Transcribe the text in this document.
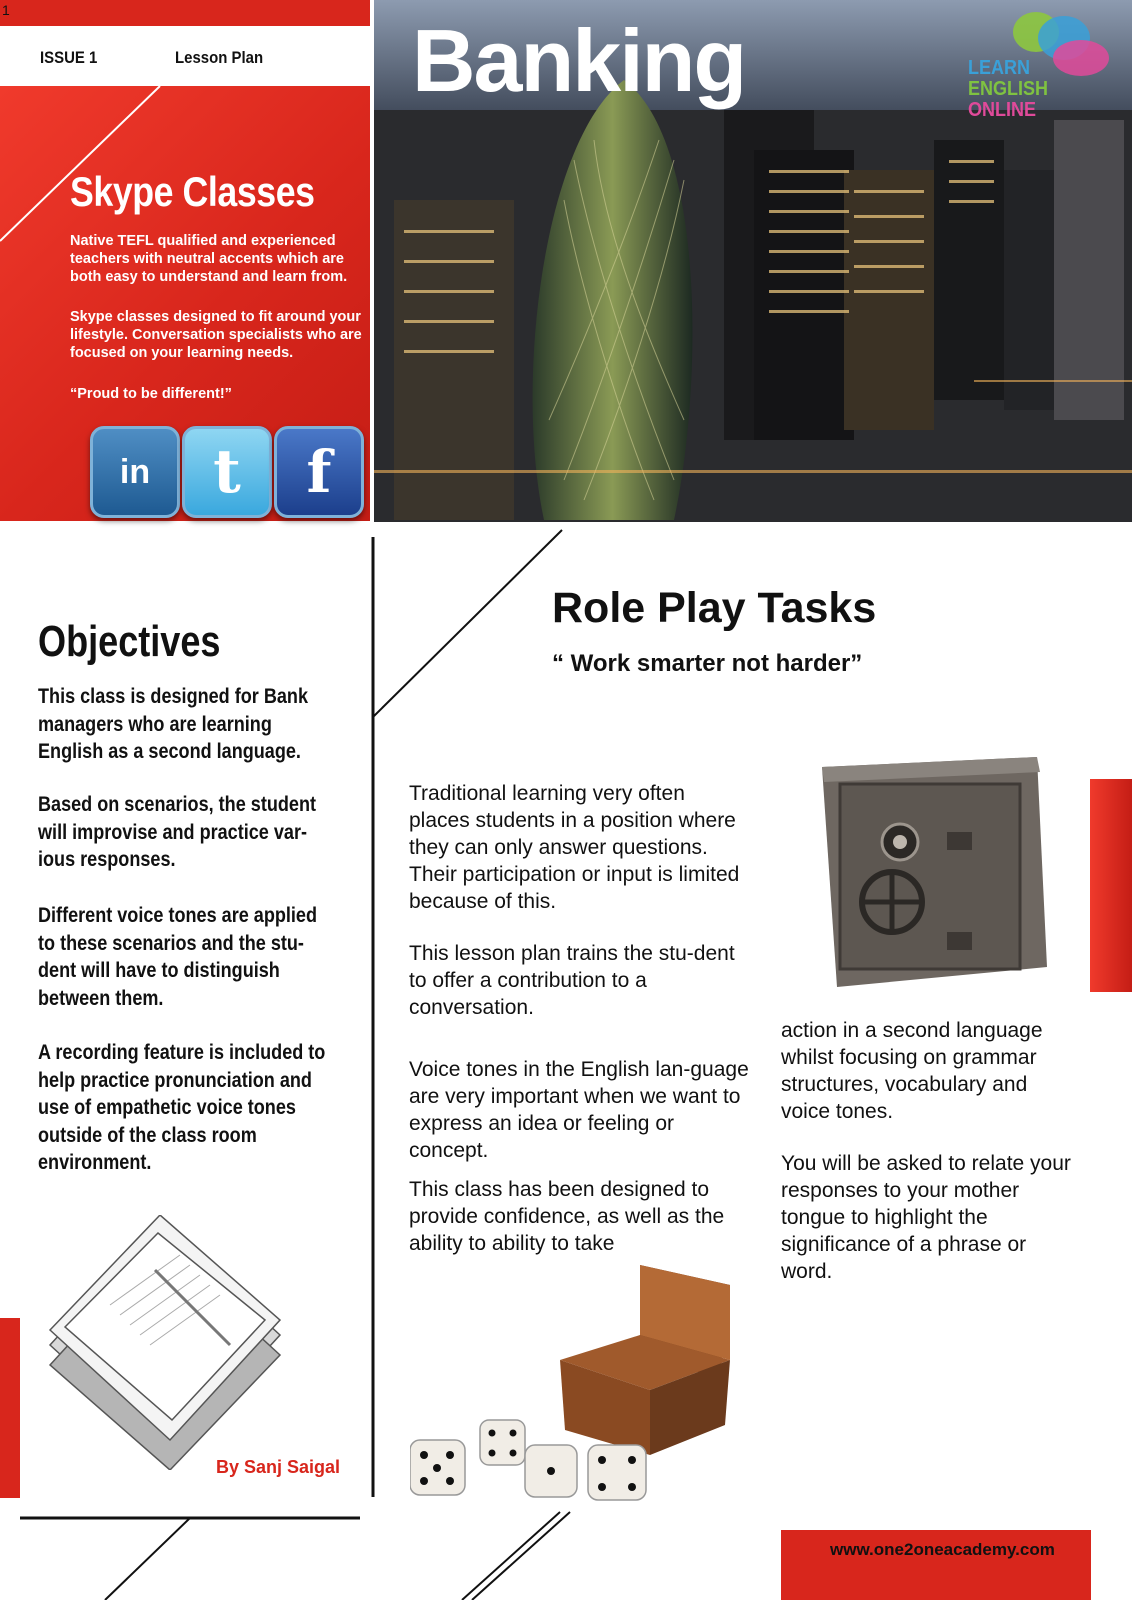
1
ISSUE 1	Lesson Plan
Skype Classes
Native TEFL qualified and experienced teachers with neutral accents which are both easy to understand and learn from.
Skype classes designed to fit around your lifestyle. Conversation specialists who are focused on your learning needs.
“Proud to be different!”
in	t	f
Banking	LEARN
ENGLISH
ONLINE
Objectives
This class is designed for Bank managers who are learning English as a second language.
Based on scenarios, the student will improvise and practice var-ious responses.
Different voice tones are applied to these scenarios and the stu-dent will have to distinguish between them.
A recording feature is included to help practice pronunciation and use of empathetic voice tones outside of the class room environment.
By Sanj Saigal
Role Play Tasks
“ Work smarter not harder”
Traditional learning very often places students in a position where they can only answer questions. Their participation or input is limited because of this.
This lesson plan trains the stu-dent to offer a contribution to a conversation.
Voice tones in the English lan-guage are very important when we want to express an idea or feeling or concept.
This class has been designed to provide confidence, as well as the ability to ability to take
action in a second language whilst focusing on grammar structures, vocabulary and voice tones.
You will be asked to relate your responses to your mother tongue to highlight the significance of a phrase or word.
www.one2oneacademy.com
